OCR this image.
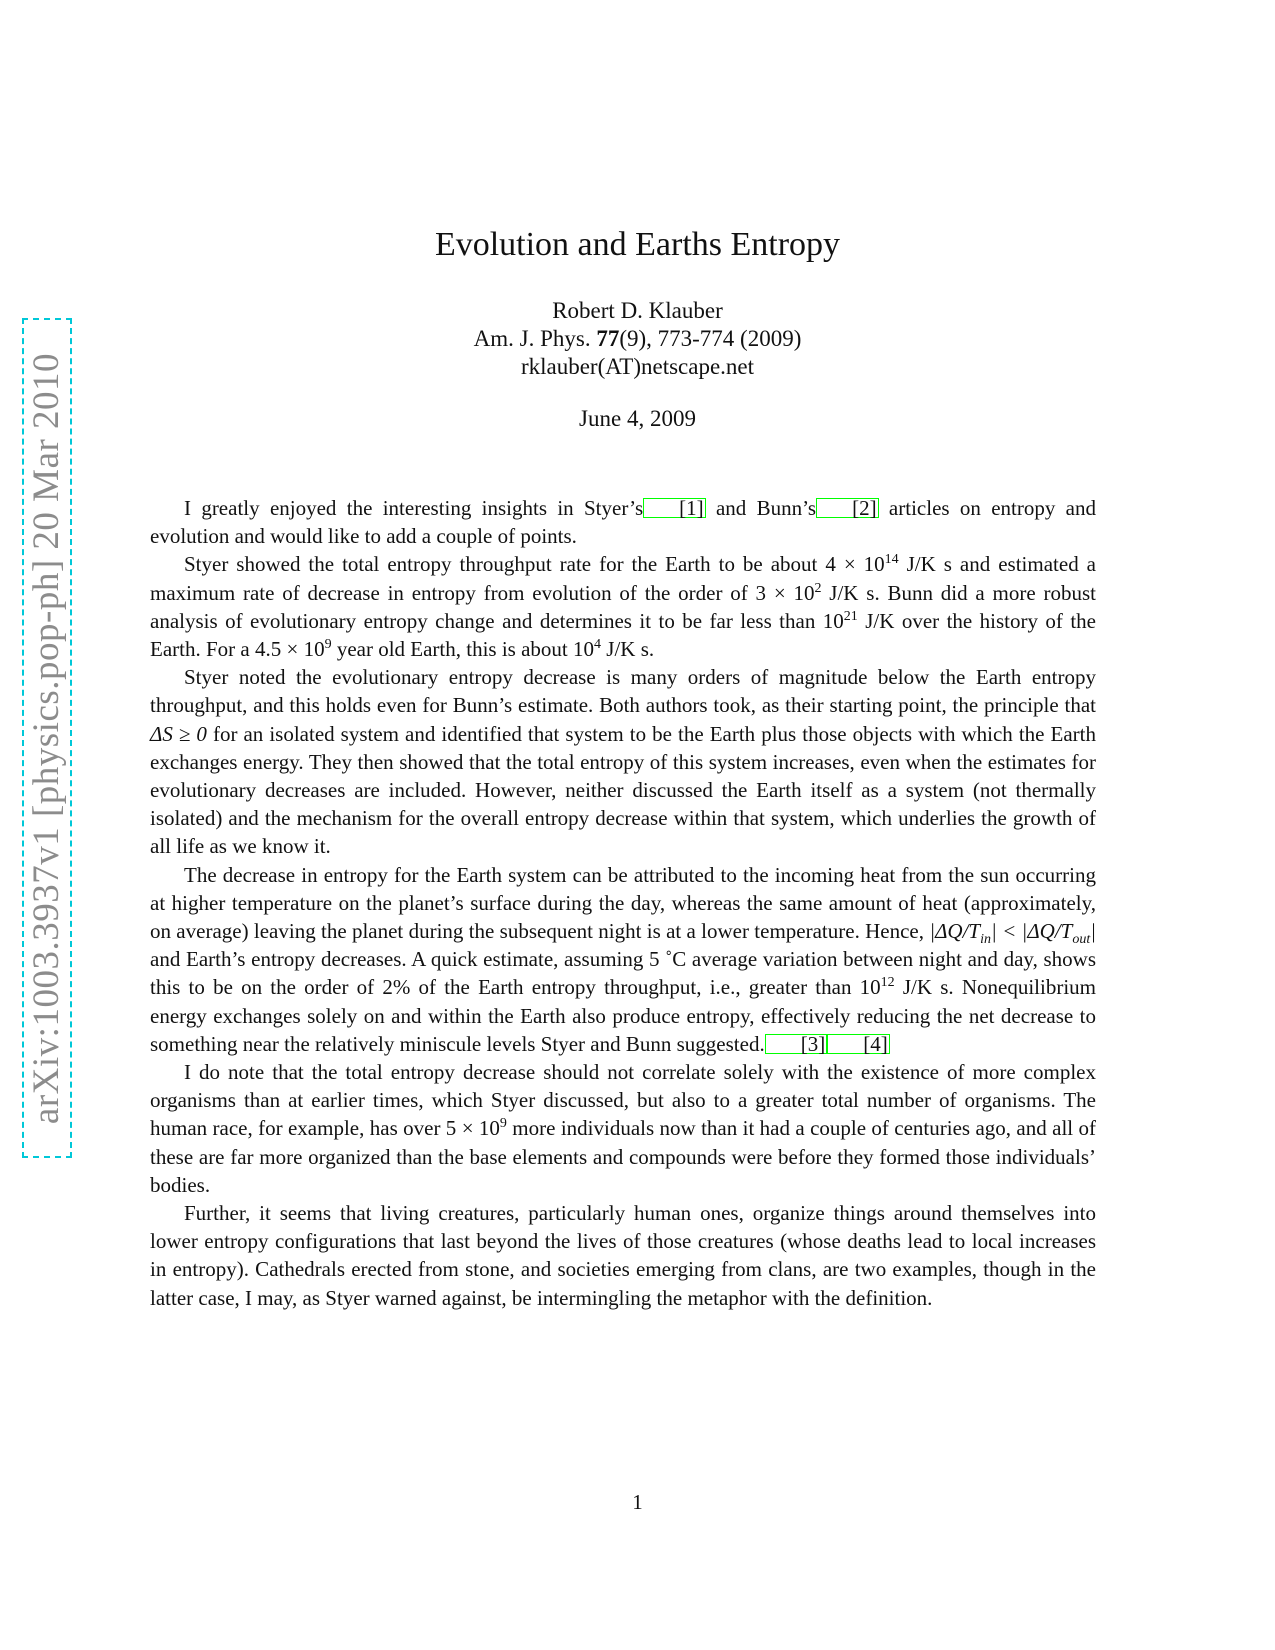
arXiv:1003.3937v1 [physics.pop-ph] 20 Mar 2010
Evolution and Earths Entropy
Robert D. Klauber
Am. J. Phys. 77(9), 773-774 (2009)
rklauber(AT)netscape.net
June 4, 2009

I greatly enjoyed the interesting insights in Styer’s [1] and Bunn’s [2] articles on entropy and evolution and would like to add a couple of points.

Styer showed the total entropy throughput rate for the Earth to be about $4 \times 10^{14}$ J/K s and estimated a maximum rate of decrease in entropy from evolution of the order of $3 \times 10^2$ J/K s. Bunn did a more robust analysis of evolutionary entropy change and determines it to be far less than $10^{21}$ J/K over the history of the Earth. For a $4.5 \times 10^9$ year old Earth, this is about $10^4$ J/K s.

Styer noted the evolutionary entropy decrease is many orders of magnitude below the Earth entropy throughput, and this holds even for Bunn’s estimate. Both authors took, as their starting point, the principle that ΔS ≥ 0 for an isolated system and identified that system to be the Earth plus those objects with which the Earth exchanges energy. They then showed that the total entropy of this system increases, even when the estimates for evolutionary decreases are included. However, neither discussed the Earth itself as a system (not thermally isolated) and the mechanism for the overall entropy decrease within that system, which underlies the growth of all life as we know it.

The decrease in entropy for the Earth system can be attributed to the incoming heat from the sun occurring at higher temperature on the planet’s surface during the day, whereas the same amount of heat (approximately, on average) leaving the planet during the subsequent night is at a lower temperature. Hence, $|\Delta Q/T_{in}| < |\Delta Q/T_{out}|$ and Earth’s entropy decreases. A quick estimate, assuming 5 ˚C average variation between night and day, shows this to be on the order of 2% of the Earth entropy throughput, i.e., greater than $10^{12}$ J/K s. Nonequilibrium energy exchanges solely on and within the Earth also produce entropy, effectively reducing the net decrease to something near the relatively miniscule levels Styer and Bunn suggested. [3] [4]

I do note that the total entropy decrease should not correlate solely with the existence of more complex organisms than at earlier times, which Styer discussed, but also to a greater total number of organisms. The human race, for example, has over $5 \times 10^9$ more individuals now than it had a couple of centuries ago, and all of these are far more organized than the base elements and compounds were before they formed those individuals’ bodies.

Further, it seems that living creatures, particularly human ones, organize things around themselves into lower entropy configurations that last beyond the lives of those creatures (whose deaths lead to local increases in entropy). Cathedrals erected from stone, and societies emerging from clans, are two examples, though in the latter case, I may, as Styer warned against, be intermingling the metaphor with the definition.

1
